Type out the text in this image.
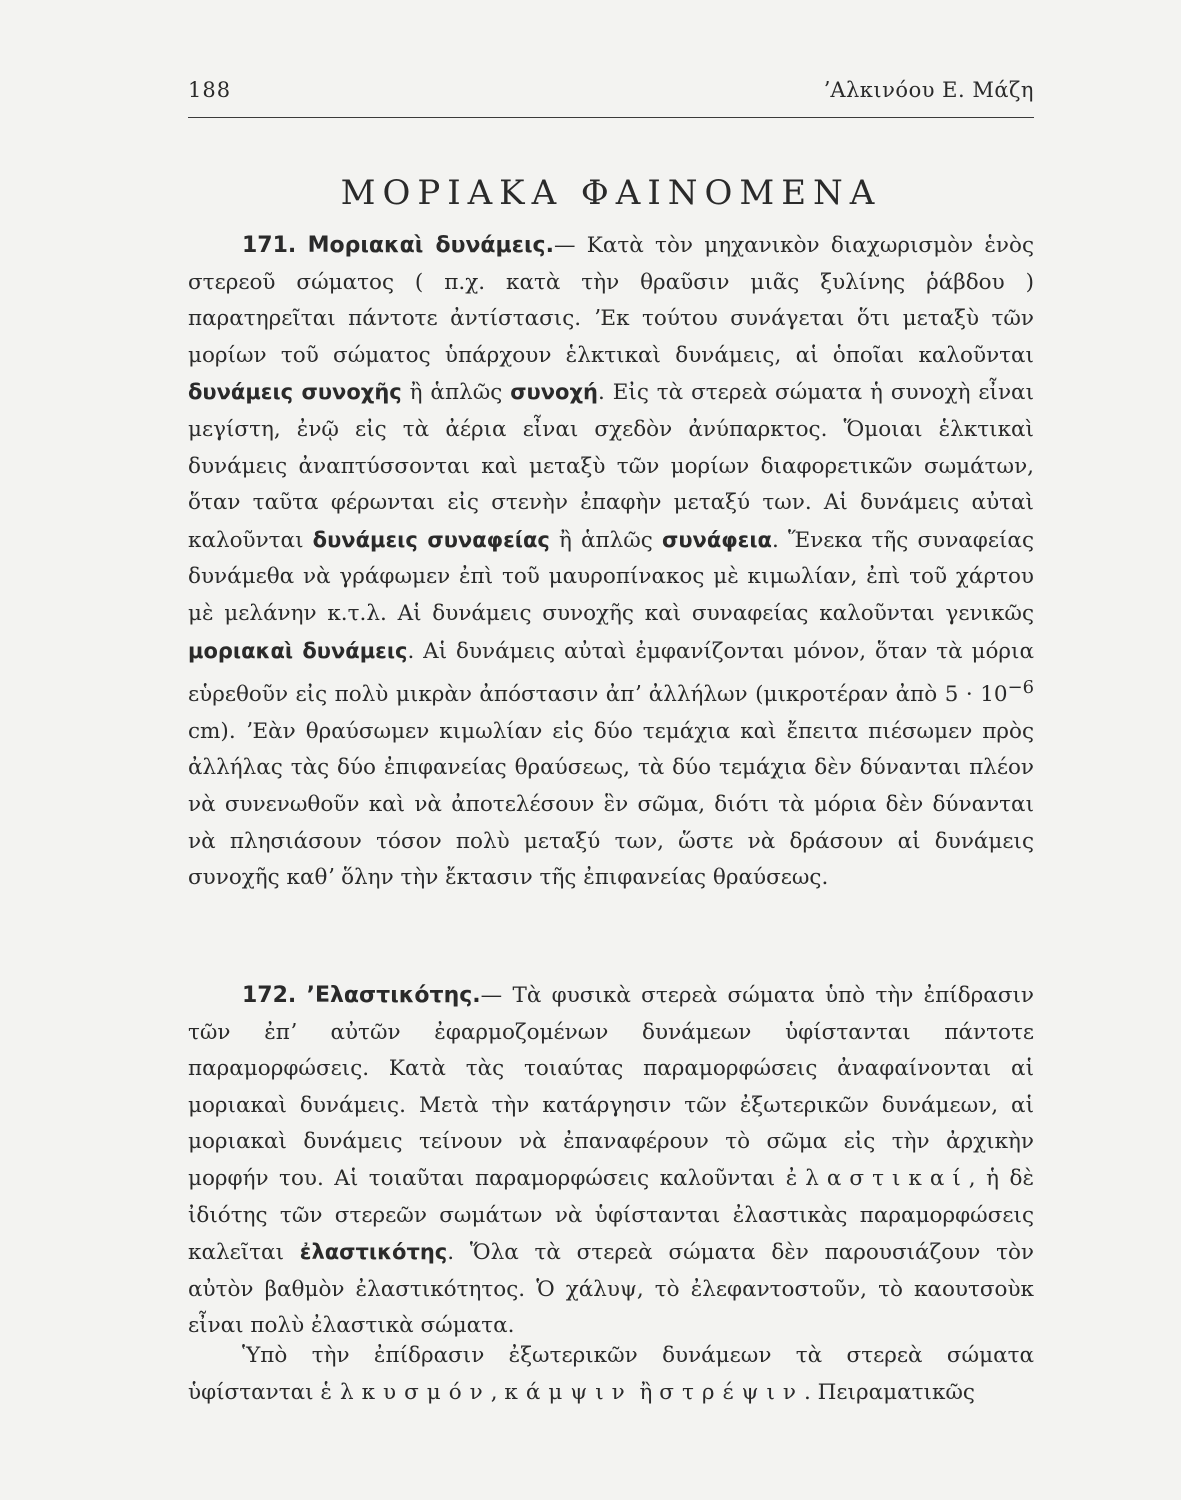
188	ʼΑλκινόου Ε. Μάζη
ΜΟΡΙΑΚΑ ΦΑΙΝΟΜΕΝΑ

171. Μοριακαὶ δυνάμεις.— Κατὰ τὸν μηχανικὸν διαχωρισμὸν ἑνὸς στερεοῦ σώματος ( π.χ. κατὰ τὴν θραῦσιν μιᾶς ξυλίνης ῥάβδου ) παρατηρεῖται πάντοτε ἀντίστασις. ʼΕκ τούτου συνάγεται ὅτι μεταξὺ τῶν μορίων τοῦ σώματος ὑπάρχουν ἑλκτικαὶ δυνάμεις, αἱ ὁποῖαι καλοῦνται δυνάμεις συνοχῆς ἢ ἁπλῶς συνοχή. Εἰς τὰ στερεὰ σώματα ἡ συνοχὴ εἶναι μεγίστη, ἐνῷ εἰς τὰ ἀέρια εἶναι σχεδὸν ἀνύπαρκτος. Ὅμοιαι ἑλκτικαὶ δυνάμεις ἀναπτύσσονται καὶ μεταξὺ τῶν μορίων διαφορετικῶν σωμάτων, ὅταν ταῦτα φέρωνται εἰς στενὴν ἐπαφὴν μεταξύ των. Αἱ δυνάμεις αὐταὶ καλοῦνται δυνάμεις συναφείας ἢ ἁπλῶς συνάφεια. Ἕνεκα τῆς συναφείας δυνάμεθα νὰ γράφωμεν ἐπὶ τοῦ μαυροπίνακος μὲ κιμωλίαν, ἐπὶ τοῦ χάρτου μὲ μελάνην κ.τ.λ. Αἱ δυνάμεις συνοχῆς καὶ συναφείας καλοῦνται γενικῶς μοριακαὶ δυνάμεις. Αἱ δυνάμεις αὐταὶ ἐμφανίζονται μόνον, ὅταν τὰ μόρια εὑρεθοῦν εἰς πολὺ μικρὰν ἀπόστασιν ἀπʼ ἀλλήλων (μικροτέραν ἀπὸ $5 \cdot 10^{-6}$ cm). ʼΕὰν θραύσωμεν κιμωλίαν εἰς δύο τεμάχια καὶ ἔπειτα πιέσωμεν πρὸς ἀλλήλας τὰς δύο ἐπιφανείας θραύσεως, τὰ δύο τεμάχια δὲν δύνανται πλέον νὰ συνενωθοῦν καὶ νὰ ἀποτελέσουν ἓν σῶμα, διότι τὰ μόρια δὲν δύνανται νὰ πλησιάσουν τόσον πολὺ μεταξύ των, ὥστε νὰ δράσουν αἱ δυνάμεις συνοχῆς καθʼ ὅλην τὴν ἔκτασιν τῆς ἐπιφανείας θραύσεως.

172. ʼΕλαστικότης.— Τὰ φυσικὰ στερεὰ σώματα ὑπὸ τὴν ἐπίδρασιν τῶν ἐπʼ αὐτῶν ἐφαρμοζομένων δυνάμεων ὑφίστανται πάντοτε παραμορφώσεις. Κατὰ τὰς τοιαύτας παραμορφώσεις ἀναφαίνονται αἱ μοριακαὶ δυνάμεις. Μετὰ τὴν κατάργησιν τῶν ἐξωτερικῶν δυνάμεων, αἱ μοριακαὶ δυνάμεις τείνουν νὰ ἐπαναφέρουν τὸ σῶμα εἰς τὴν ἀρχικὴν μορφήν του. Αἱ τοιαῦται παραμορφώσεις καλοῦνται ἐλαστικαί, ἡ δὲ ἰδιότης τῶν στερεῶν σωμάτων νὰ ὑφίστανται ἐλαστικὰς παραμορφώσεις καλεῖται ἐλαστικότης. Ὅλα τὰ στερεὰ σώματα δὲν παρουσιάζουν τὸν αὐτὸν βαθμὸν ἐλαστικότητος. Ὁ χάλυψ, τὸ ἐλεφαντοστοῦν, τὸ καουτσοὺκ εἶναι πολὺ ἐλαστικὰ σώματα.

Ὑπὸ τὴν ἐπίδρασιν ἐξωτερικῶν δυνάμεων τὰ στερεὰ σώματα ὑφίστανται ἑλκυσμόν, κάμψιν ἢ στρέψιν. Πειραματικῶς
